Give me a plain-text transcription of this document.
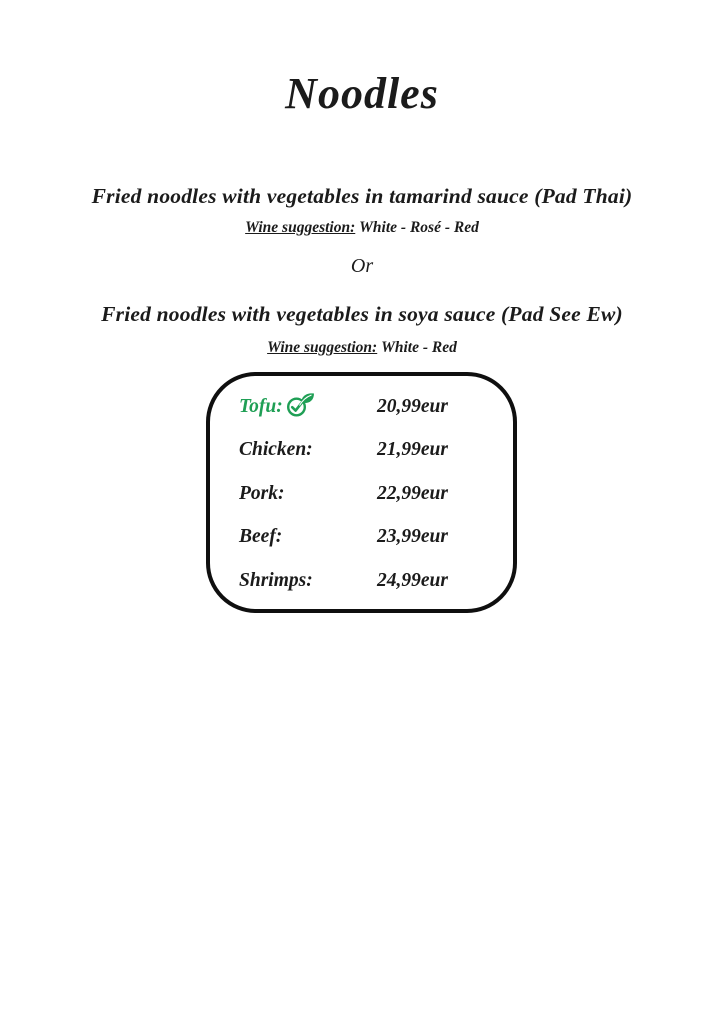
Noodles
Fried noodles with vegetables in tamarind sauce (Pad Thai)
Wine suggestion: White - Rosé - Red
Or
Fried noodles with vegetables in soya sauce (Pad See Ew)
Wine suggestion: White - Red
Tofu:	20,99eur
Chicken:	21,99eur
Pork:	22,99eur
Beef:	23,99eur
Shrimps:	24,99eur
